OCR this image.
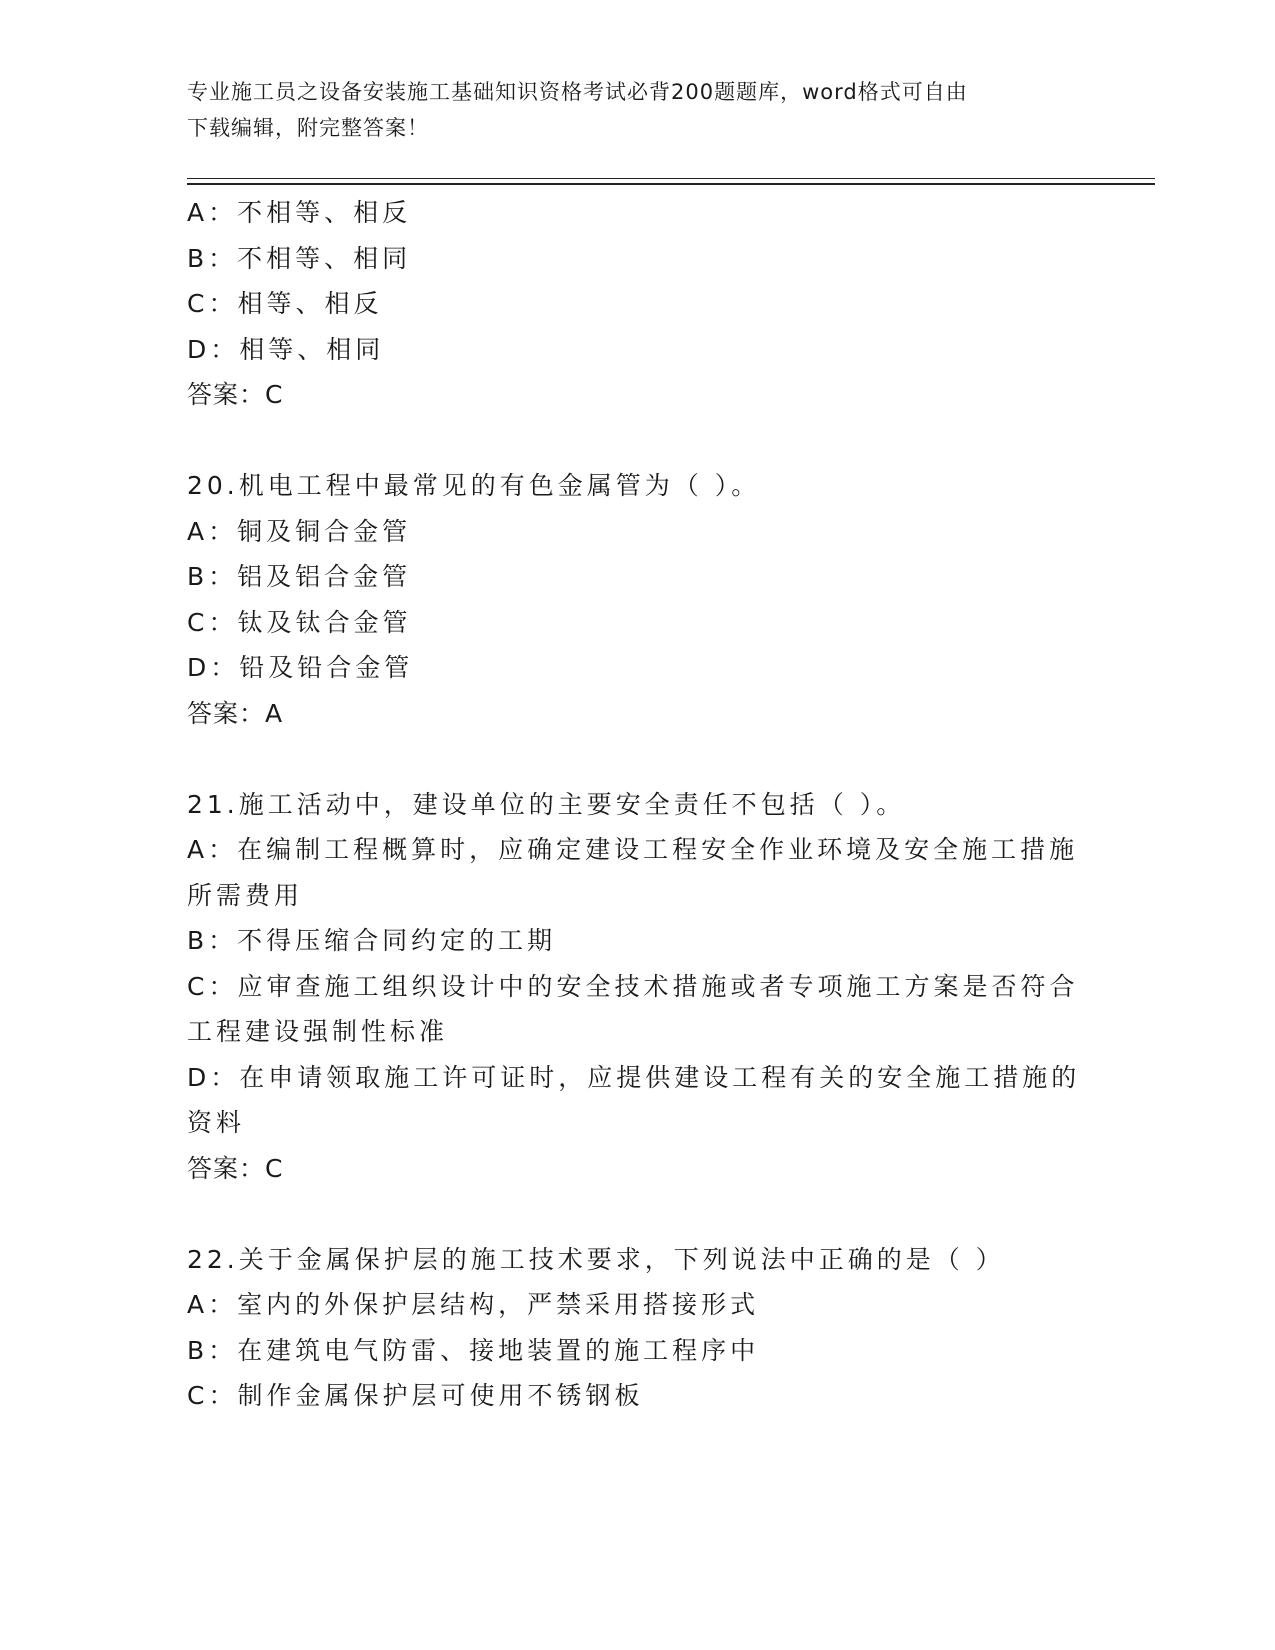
专业施工员之设备安装施工基础知识资格考试必背200题题库，word格式可自由
下载编辑，附完整答案！

A：不相等、相反

B：不相等、相同

C：相等、相反

D：相等、相同

答案：C

20.机电工程中最常见的有色金属管为（ ）。

A：铜及铜合金管

B：铝及铝合金管

C：钛及钛合金管

D：铅及铅合金管

答案：A

21.施工活动中，建设单位的主要安全责任不包括（ ）。

A：在编制工程概算时，应确定建设工程安全作业环境及安全施工措施所需费用

B：不得压缩合同约定的工期

C：应审查施工组织设计中的安全技术措施或者专项施工方案是否符合工程建设强制性标准

D：在申请领取施工许可证时，应提供建设工程有关的安全施工措施的资料

答案：C

22.关于金属保护层的施工技术要求，下列说法中正确的是（ ）

A：室内的外保护层结构，严禁采用搭接形式

B：在建筑电气防雷、接地装置的施工程序中

C：制作金属保护层可使用不锈钢板
